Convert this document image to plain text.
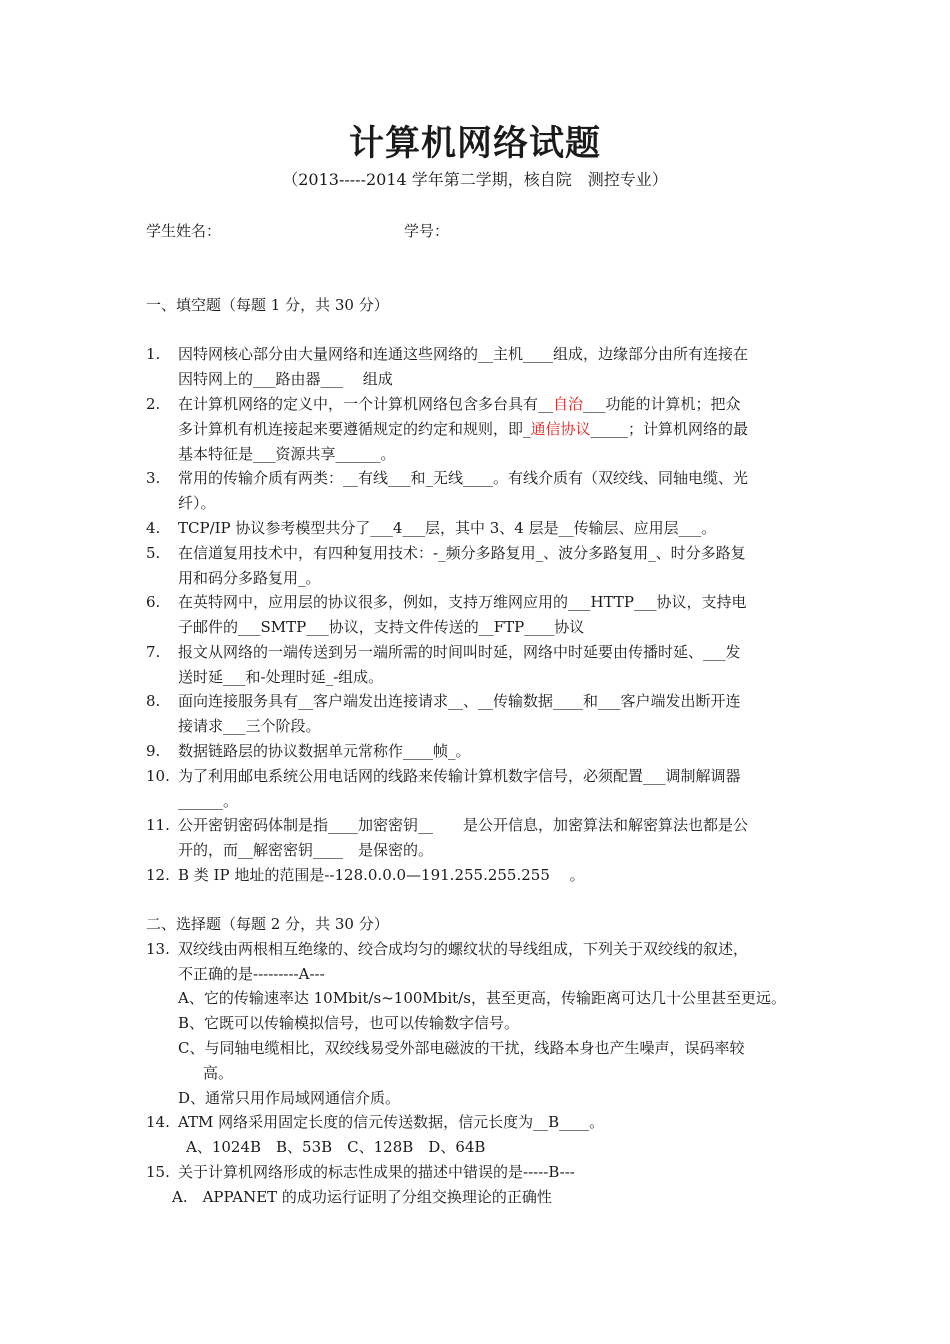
计算机网络试题
（2013-----2014 学年第二学期，核自院　测控专业）
学生姓名：	学号：
一、填空题（每题 1 分，共 30 分）
1. 因特网核心部分由大量网络和连通这些网络的__主机____组成，边缘部分由所有连接在
因特网上的___路由器___　 组成
2. 在计算机网络的定义中，一个计算机网络包含多台具有__自治___功能的计算机；把众
多计算机有机连接起来要遵循规定的约定和规则，即_通信协议_____；计算机网络的最
基本特征是___资源共享______。
3. 常用的传输介质有两类：__有线___和_无线____。有线介质有（双绞线、同轴电缆、光
纤）。
4. TCP/IP 协议参考模型共分了___4___层，其中 3、4 层是__传输层、应用层___。
5. 在信道复用技术中，有四种复用技术：-_频分多路复用_、波分多路复用_、时分多路复
用和码分多路复用_。
6. 在英特网中，应用层的协议很多，例如，支持万维网应用的___HTTP___协议，支持电
子邮件的___SMTP___协议，支持文件传送的__FTP____协议
7. 报文从网络的一端传送到另一端所需的时间叫时延，网络中时延要由传播时延、___发
送时延___和-处理时延_-组成。
8. 面向连接服务具有__客户端发出连接请求__、__传输数据____和___客户端发出断开连
接请求___三个阶段。
9. 数据链路层的协议数据单元常称作____帧_。
10. 为了利用邮电系统公用电话网的线路来传输计算机数字信号，必须配置___调制解调器
______。
11. 公开密钥密码体制是指____加密密钥__　　是公开信息，加密算法和解密算法也都是公
开的，而__解密密钥____　是保密的。
12. B 类 IP 地址的范围是--128.0.0.0—191.255.255.255　 。
二、选择题（每题 2 分，共 30 分）
13. 双绞线由两根相互绝缘的、绞合成均匀的螺纹状的导线组成，下列关于双绞线的叙述，
不正确的是---------A---
A、它的传输速率达 10Mbit/s~100Mbit/s，甚至更高，传输距离可达几十公里甚至更远。
B、它既可以传输模拟信号，也可以传输数字信号。
C、与同轴电缆相比，双绞线易受外部电磁波的干扰，线路本身也产生噪声，误码率较
高。
D、通常只用作局域网通信介质。
14. ATM 网络采用固定长度的信元传送数据，信元长度为__B____。
A、1024B　B、53B　C、128B　D、64B
15. 关于计算机网络形成的标志性成果的描述中错误的是-----B---
A.　APPANET 的成功运行证明了分组交换理论的正确性
